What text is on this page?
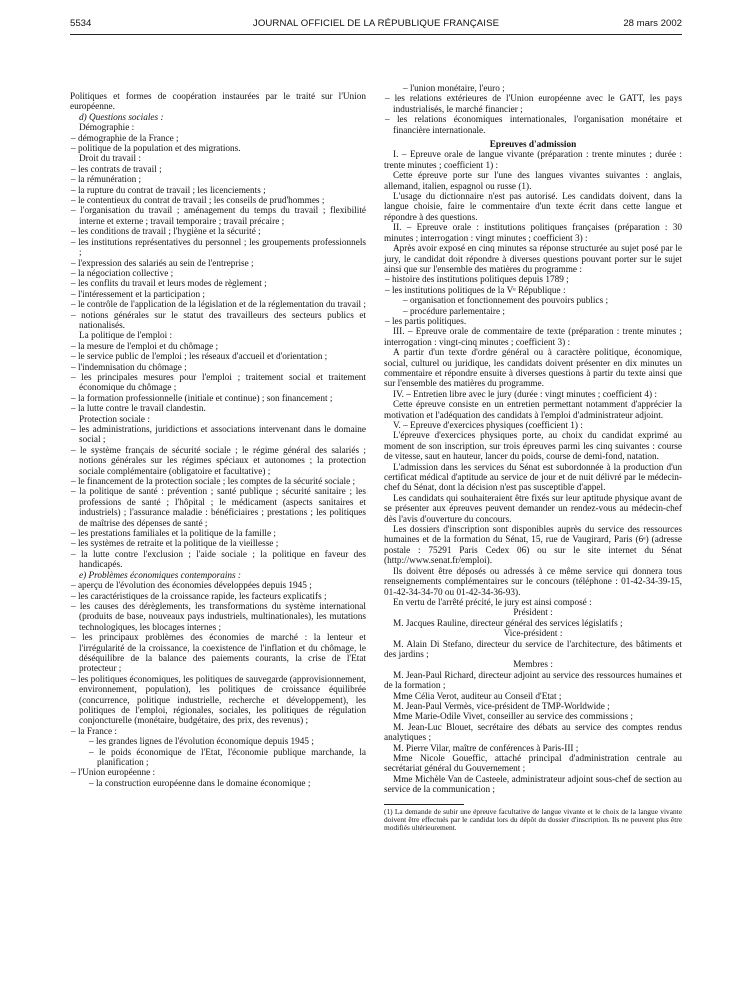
5534	JOURNAL OFFICIEL DE LA RÉPUBLIQUE FRANÇAISE	28 mars 2002

Politiques et formes de coopération instaurées par le traité sur l'Union européenne.

d) Questions sociales :

Démographie :

– démographie de la France ;

– politique de la population et des migrations.

Droit du travail :

– les contrats de travail ;

– la rémunération ;

– la rupture du contrat de travail ; les licenciements ;

– le contentieux du contrat de travail ; les conseils de prud'hommes ;

– l'organisation du travail ; aménagement du temps du travail ; flexibilité interne et externe ; travail temporaire ; travail précaire ;

– les conditions de travail ; l'hygiène et la sécurité ;

– les institutions représentatives du personnel ; les groupements professionnels ;

– l'expression des salariés au sein de l'entreprise ;

– la négociation collective ;

– les conflits du travail et leurs modes de règlement ;

– l'intéressement et la participation ;

– le contrôle de l'application de la législation et de la réglementation du travail ;

– notions générales sur le statut des travailleurs des secteurs publics et nationalisés.

La politique de l'emploi :

– la mesure de l'emploi et du chômage ;

– le service public de l'emploi ; les réseaux d'accueil et d'orientation ;

– l'indemnisation du chômage ;

– les principales mesures pour l'emploi ; traitement social et traitement économique du chômage ;

– la formation professionnelle (initiale et continue) ; son financement ;

– la lutte contre le travail clandestin.

Protection sociale :

– les administrations, juridictions et associations intervenant dans le domaine social ;

– le système français de sécurité sociale ; le régime général des salariés ; notions générales sur les régimes spéciaux et autonomes ; la protection sociale complémentaire (obligatoire et facultative) ;

– le financement de la protection sociale ; les comptes de la sécurité sociale ;

– la politique de santé : prévention ; santé publique ; sécurité sanitaire ; les professions de santé ; l'hôpital ; le médicament (aspects sanitaires et industriels) ; l'assurance maladie : bénéficiaires ; prestations ; les politiques de maîtrise des dépenses de santé ;

– les prestations familiales et la politique de la famille ;

– les systèmes de retraite et la politique de la vieillesse ;

– la lutte contre l'exclusion ; l'aide sociale ; la politique en faveur des handicapés.

e) Problèmes économiques contemporains :

– aperçu de l'évolution des économies développées depuis 1945 ;

– les caractéristiques de la croissance rapide, les facteurs explicatifs ;

– les causes des dérèglements, les transformations du système international (produits de base, nouveaux pays industriels, multinationales), les mutations technologiques, les blocages internes ;

– les principaux problèmes des économies de marché : la lenteur et l'irrégularité de la croissance, la coexistence de l'inflation et du chômage, le déséquilibre de la balance des paiements courants, la crise de l'Etat protecteur ;

– les politiques économiques, les politiques de sauvegarde (approvisionnement, environnement, population), les politiques de croissance équilibrée (concurrence, politique industrielle, recherche et développement), les politiques de l'emploi, régionales, sociales, les politiques de régulation conjoncturelle (monétaire, budgétaire, des prix, des revenus) ;

– la France :

– les grandes lignes de l'évolution économique depuis 1945 ;

– le poids économique de l'Etat, l'économie publique marchande, la planification ;

– l'Union européenne :

– la construction européenne dans le domaine économique ;

– l'union monétaire, l'euro ;

– les relations extérieures de l'Union européenne avec le GATT, les pays industrialisés, le marché financier ;

– les relations économiques internationales, l'organisation monétaire et financière internationale.

Epreuves d'admission

I. – Epreuve orale de langue vivante (préparation : trente minutes ; durée : trente minutes ; coefficient 1) :

Cette épreuve porte sur l'une des langues vivantes suivantes : anglais, allemand, italien, espagnol ou russe (1).

L'usage du dictionnaire n'est pas autorisé. Les candidats doivent, dans la langue choisie, faire le commentaire d'un texte écrit dans cette langue et répondre à des questions.

II. – Epreuve orale : institutions politiques françaises (préparation : 30 minutes ; interrogation : vingt minutes ; coefficient 3) :

Après avoir exposé en cinq minutes sa réponse structurée au sujet posé par le jury, le candidat doit répondre à diverses questions pouvant porter sur le sujet ainsi que sur l'ensemble des matières du programme :

– histoire des institutions politiques depuis 1789 ;

– les institutions politiques de la Vᵉ République :

– organisation et fonctionnement des pouvoirs publics ;

– procédure parlementaire ;

– les partis politiques.

III. – Epreuve orale de commentaire de texte (préparation : trente minutes ; interrogation : vingt-cinq minutes ; coefficient 3) :

A partir d'un texte d'ordre général ou à caractère politique, économique, social, culturel ou juridique, les candidats doivent présenter en dix minutes un commentaire et répondre ensuite à diverses questions à partir du texte ainsi que sur l'ensemble des matières du programme.

IV. – Entretien libre avec le jury (durée : vingt minutes ; coefficient 4) :

Cette épreuve consiste en un entretien permettant notamment d'apprécier la motivation et l'adéquation des candidats à l'emploi d'administrateur adjoint.

V. – Epreuve d'exercices physiques (coefficient 1) :

L'épreuve d'exercices physiques porte, au choix du candidat exprimé au moment de son inscription, sur trois épreuves parmi les cinq suivantes : course de vitesse, saut en hauteur, lancer du poids, course de demi-fond, natation.

L'admission dans les services du Sénat est subordonnée à la production d'un certificat médical d'aptitude au service de jour et de nuit délivré par le médecin-chef du Sénat, dont la décision n'est pas susceptible d'appel.

Les candidats qui souhaiteraient être fixés sur leur aptitude physique avant de se présenter aux épreuves peuvent demander un rendez-vous au médecin-chef dès l'avis d'ouverture du concours.

Les dossiers d'inscription sont disponibles auprès du service des ressources humaines et de la formation du Sénat, 15, rue de Vaugirard, Paris (6ᵉ) (adresse postale : 75291 Paris Cedex 06) ou sur le site internet du Sénat (http://www.senat.fr/emploi).

Ils doivent être déposés ou adressés à ce même service qui donnera tous renseignements complémentaires sur le concours (téléphone : 01-42-34-39-15, 01-42-34-34-70 ou 01-42-34-36-93).

En vertu de l'arrêté précité, le jury est ainsi composé :

Président :

M. Jacques Rauline, directeur général des services législatifs ;

Vice-président :

M. Alain Di Stefano, directeur du service de l'architecture, des bâtiments et des jardins ;

Membres :

M. Jean-Paul Richard, directeur adjoint au service des ressources humaines et de la formation ;

Mme Célia Verot, auditeur au Conseil d'Etat ;

M. Jean-Paul Vermès, vice-président de TMP-Worldwide ;

Mme Marie-Odile Vivet, conseiller au service des commissions ;

M. Jean-Luc Blouet, secrétaire des débats au service des comptes rendus analytiques ;

M. Pierre Vilar, maître de conférences à Paris-III ;

Mme Nicole Goueffic, attaché principal d'administration centrale au secrétariat général du Gouvernement ;

Mme Michèle Van de Casteele, administrateur adjoint sous-chef de section au service de la communication ;

(1) La demande de subir une épreuve facultative de langue vivante et le choix de la langue vivante doivent être effectués par le candidat lors du dépôt du dossier d'inscription. Ils ne peuvent plus être modifiés ultérieurement.
